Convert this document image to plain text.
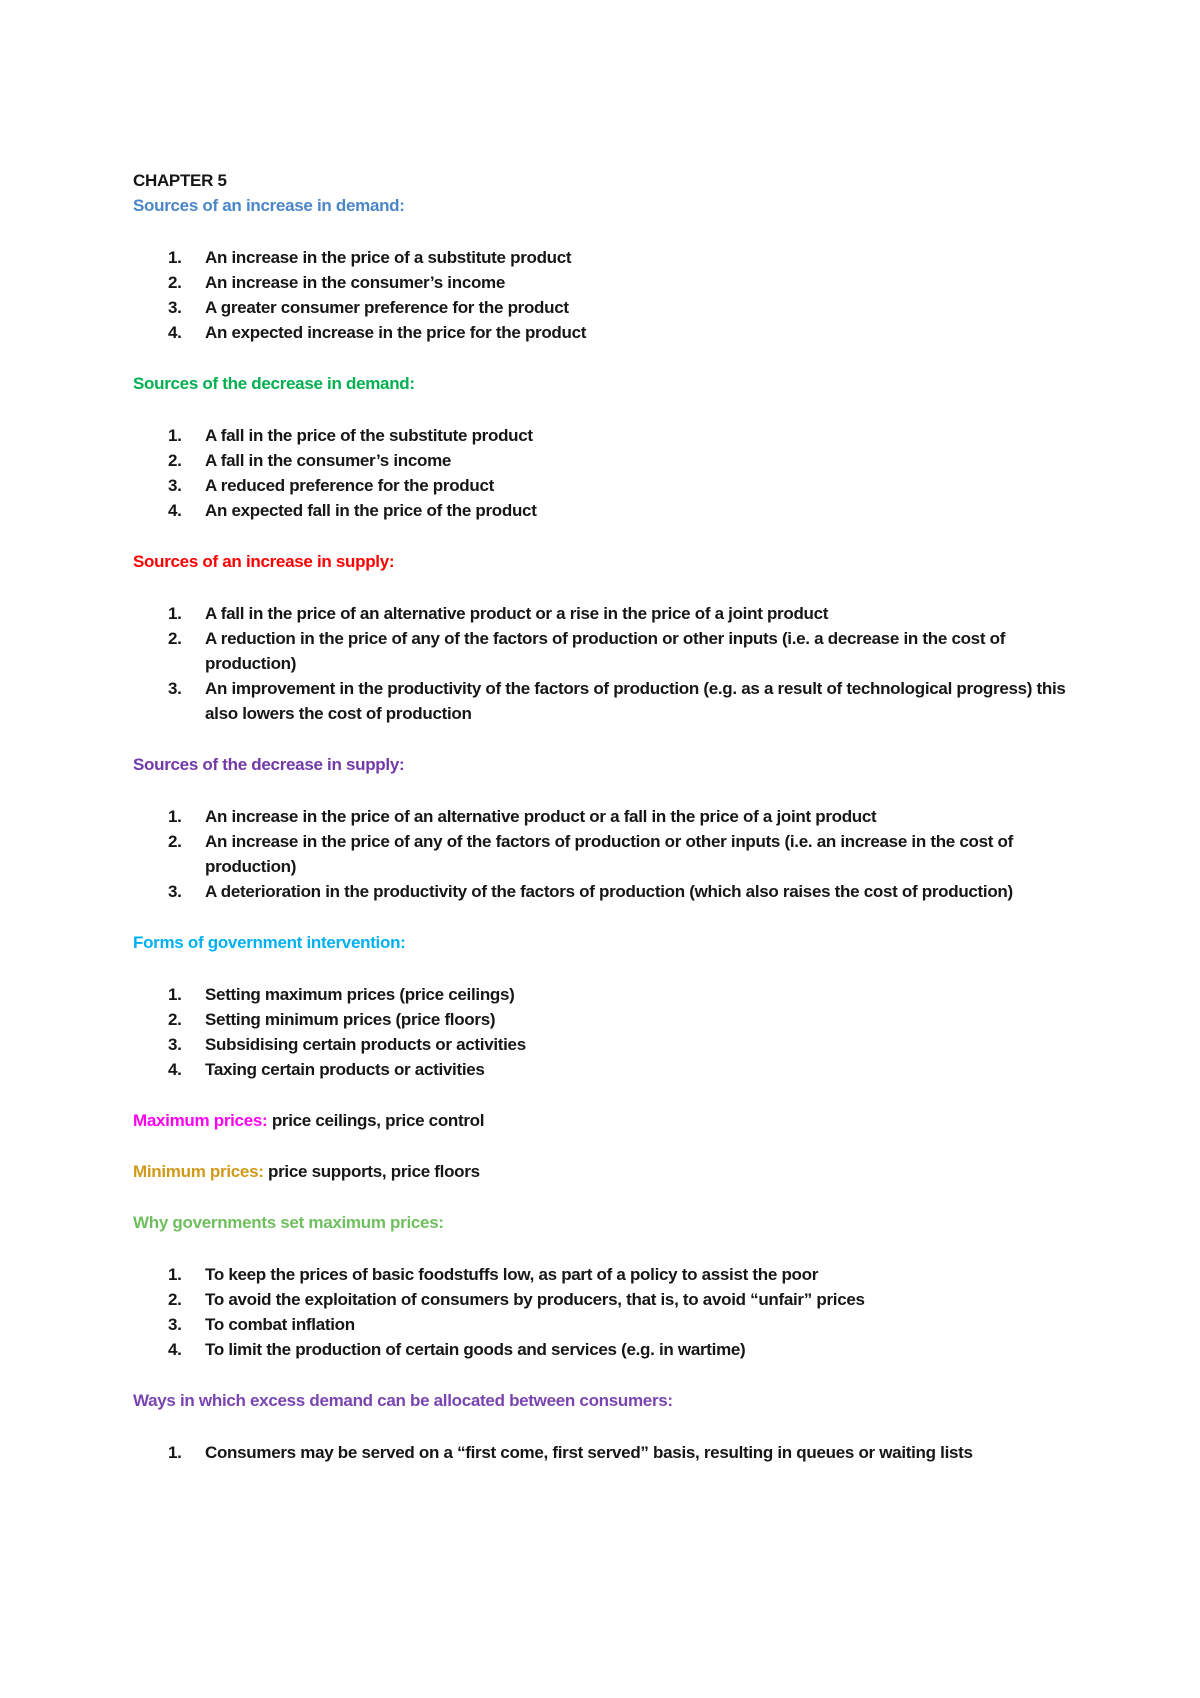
CHAPTER 5

Sources of an increase in demand:

An increase in the price of a substitute product
An increase in the consumer’s income
A greater consumer preference for the product
An expected increase in the price for the product

Sources of the decrease in demand:

A fall in the price of the substitute product
A fall in the consumer’s income
A reduced preference for the product
An expected fall in the price of the product

Sources of an increase in supply:

A fall in the price of an alternative product or a rise in the price of a joint product
A reduction in the price of any of the factors of production or other inputs (i.e. a decrease in the cost of production)
An improvement in the productivity of the factors of production (e.g. as a result of technological progress) this also lowers the cost of production

Sources of the decrease in supply:

An increase in the price of an alternative product or a fall in the price of a joint product
An increase in the price of any of the factors of production or other inputs (i.e. an increase in the cost of production)
A deterioration in the productivity of the factors of production (which also raises the cost of production)

Forms of government intervention:

Setting maximum prices (price ceilings)
Setting minimum prices (price floors)
Subsidising certain products or activities
Taxing certain products or activities

Maximum prices: price ceilings, price control

Minimum prices: price supports, price floors

Why governments set maximum prices:

To keep the prices of basic foodstuffs low, as part of a policy to assist the poor
To avoid the exploitation of consumers by producers, that is, to avoid “unfair” prices
To combat inflation
To limit the production of certain goods and services (e.g. in wartime)

Ways in which excess demand can be allocated between consumers:

Consumers may be served on a “first come, first served” basis, resulting in queues or waiting lists
